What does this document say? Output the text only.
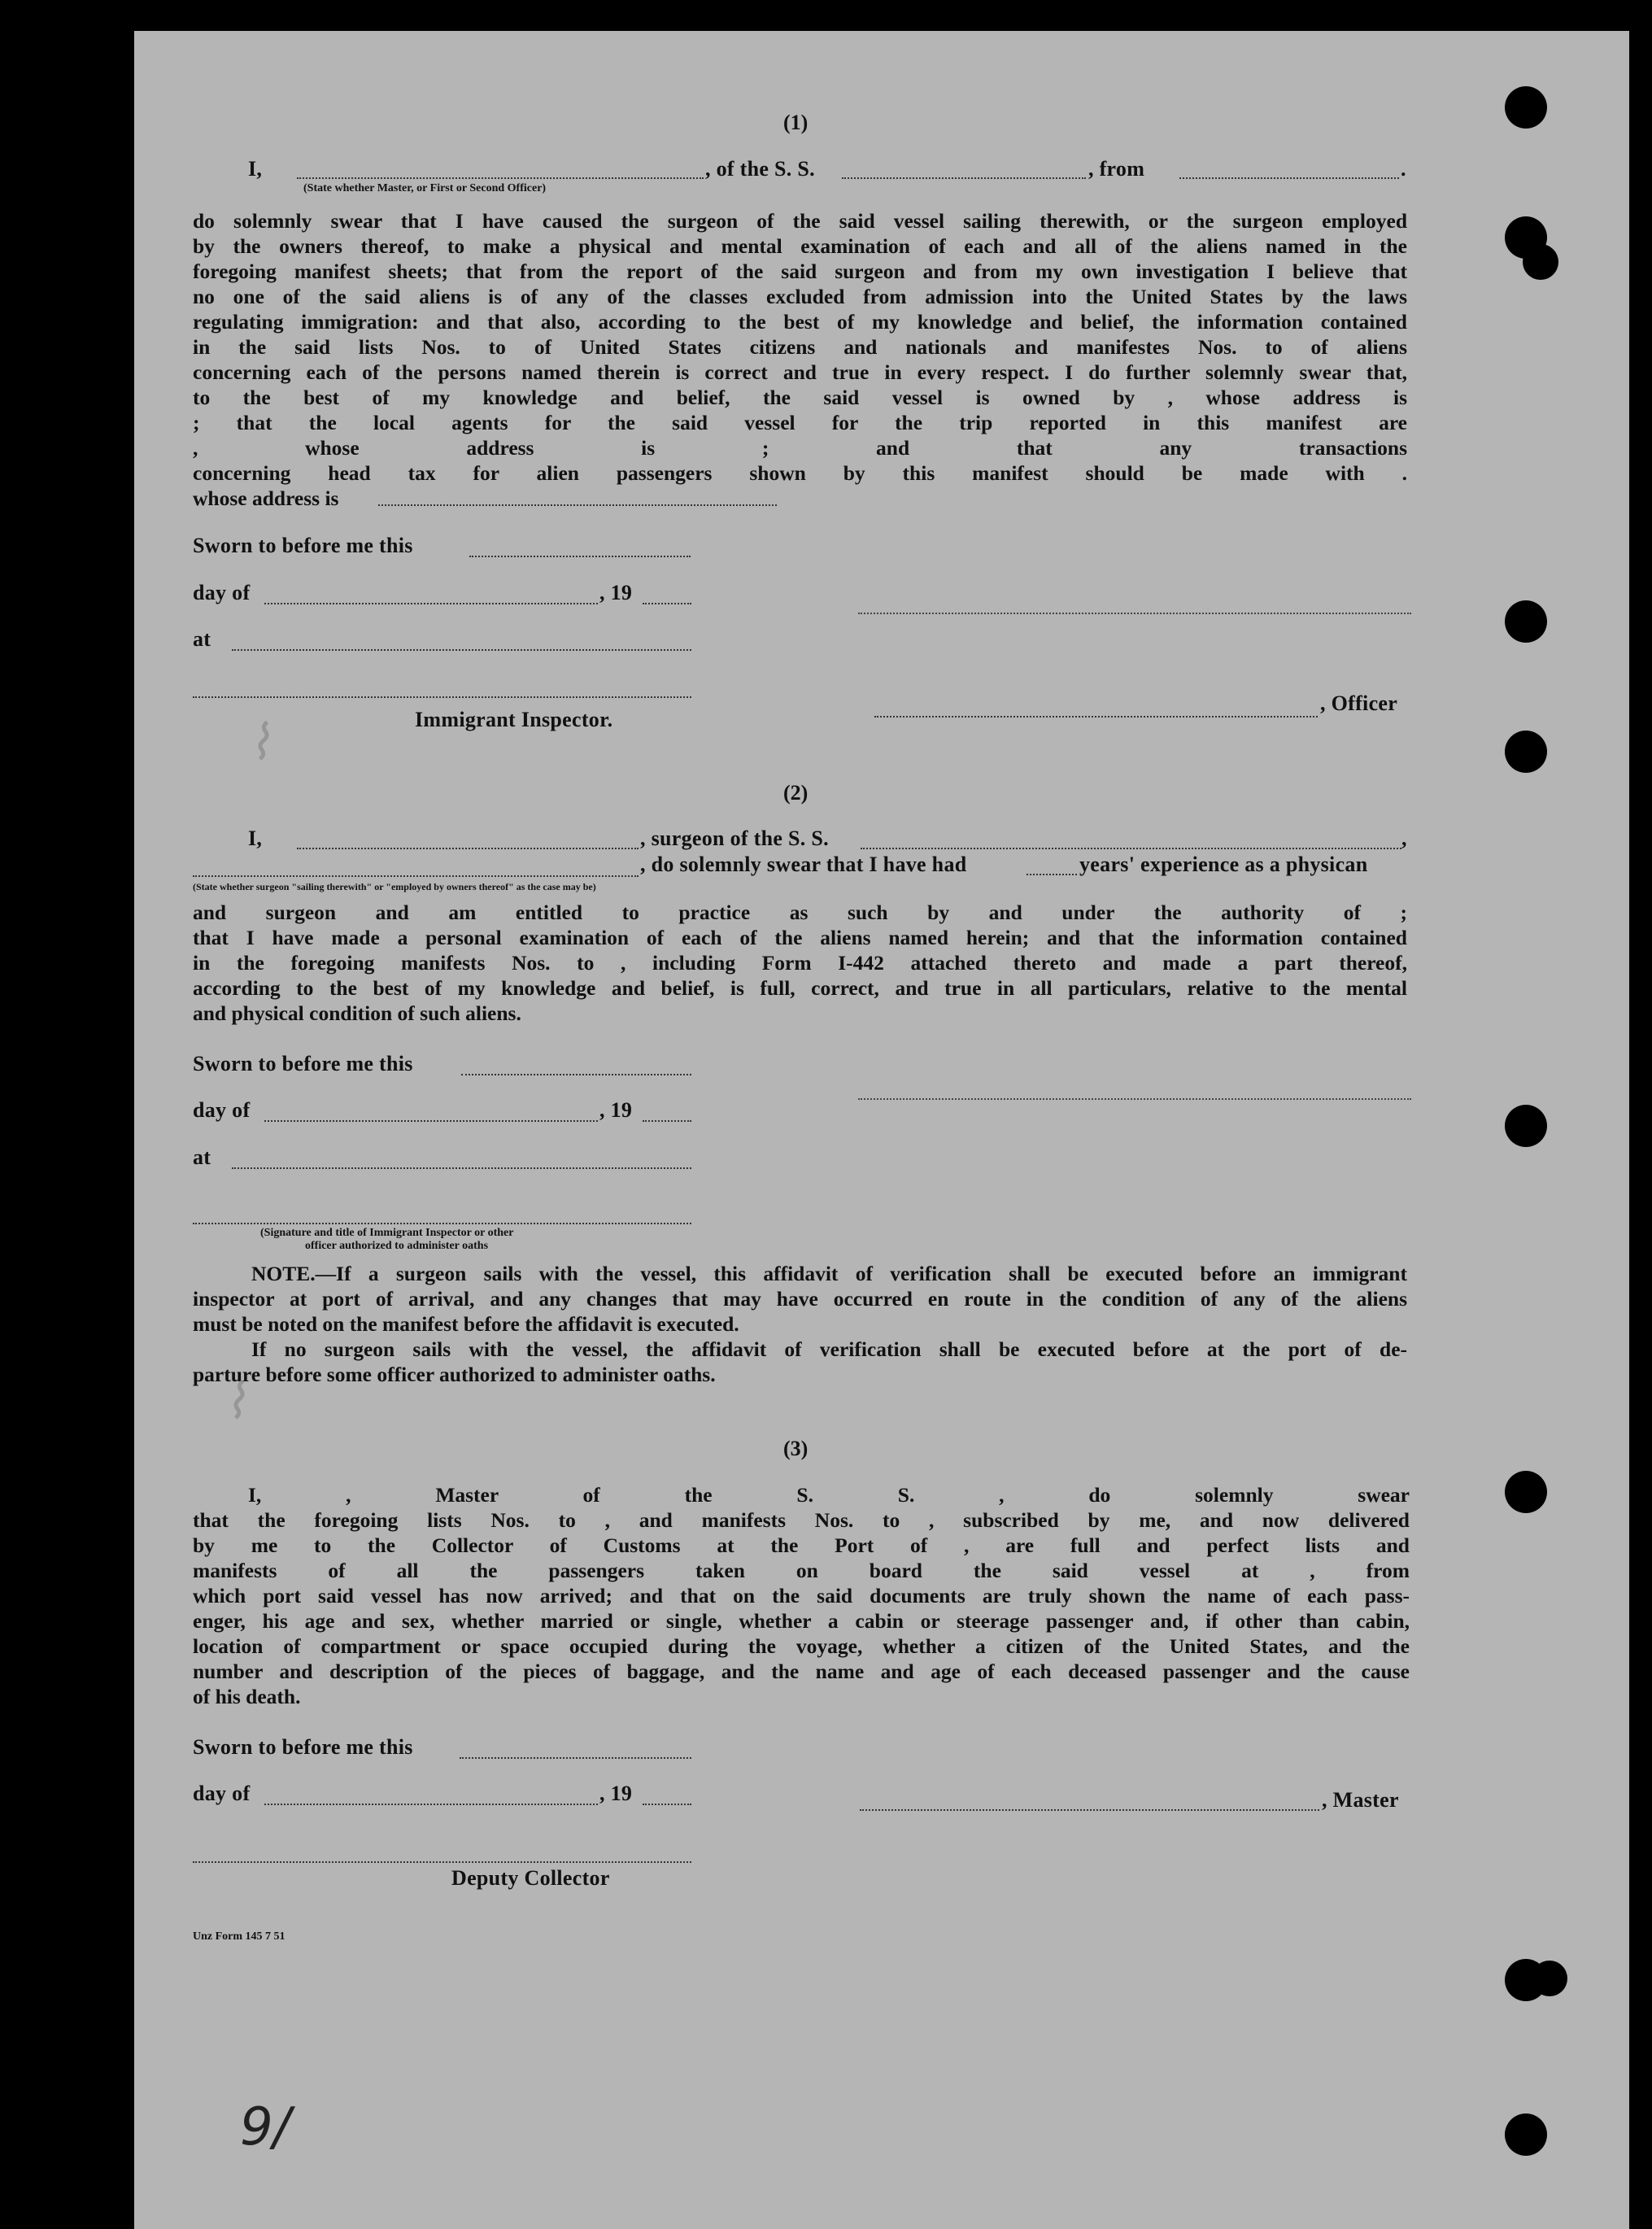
(1)
I,	, of the S. S.	, from	.
(State whether Master, or First or Second Officer)
do solemnly swear that I have caused the surgeon of the said vessel sailing therewith, or the surgeon employed
by the owners thereof, to make a physical and mental examination of each and all of the aliens named in the
foregoing manifest sheets; that from the report of the said surgeon and from my own investigation I believe that
no one of the said aliens is of any of the classes excluded from admission into the United States by the laws
regulating immigration: and that also, according to the best of my knowledge and belief, the information contained
in the said lists Nos. to of United States citizens and nationals and manifestes Nos. to of aliens
concerning each of the persons named therein is correct and true in every respect. I do further solemnly swear that,
to the best of my knowledge and belief, the said vessel is owned by , whose address is
; that the local agents for the said vessel for the trip reported in this manifest are
, whose address is ; and that any transactions
concerning head tax for alien passengers shown by this manifest should be made with .
whose address is
Sworn to before me this
day of	, 19
at
, Officer
Immigrant Inspector.
(2)
I,	, surgeon of the S. S.	,
, do solemnly swear that I have had	years' experience as a physican
(State whether surgeon "sailing therewith" or "employed by owners thereof" as the case may be)
and surgeon and am entitled to practice as such by and under the authority of ;
that I have made a personal examination of each of the aliens named herein; and that the information contained
in the foregoing manifests Nos. to , including Form I-442 attached thereto and made a part thereof,
according to the best of my knowledge and belief, is full, correct, and true in all particulars, relative to the mental
and physical condition of such aliens.
Sworn to before me this
day of	, 19
at
(Signature and title of Immigrant Inspector or other
officer authorized to administer oaths
NOTE.—If a surgeon sails with the vessel, this affidavit of verification shall be executed before an immigrant
inspector at port of arrival, and any changes that may have occurred en route in the condition of any of the aliens
must be noted on the manifest before the affidavit is executed.
If no surgeon sails with the vessel, the affidavit of verification shall be executed before at the port of de-
parture before some officer authorized to administer oaths.
(3)
I, , Master of the S. S. , do solemnly swear
that the foregoing lists Nos. to , and manifests Nos. to , subscribed by me, and now delivered
by me to the Collector of Customs at the Port of , are full and perfect lists and
manifests of all the passengers taken on board the said vessel at , from
which port said vessel has now arrived; and that on the said documents are truly shown the name of each pass-
enger, his age and sex, whether married or single, whether a cabin or steerage passenger and, if other than cabin,
location of compartment or space occupied during the voyage, whether a citizen of the United States, and the
number and description of the pieces of baggage, and the name and age of each deceased passenger and the cause
of his death.
Sworn to before me this
day of	, 19	, Master
Deputy Collector
Unz Form 145 7 51
9/
⌇
⌇
